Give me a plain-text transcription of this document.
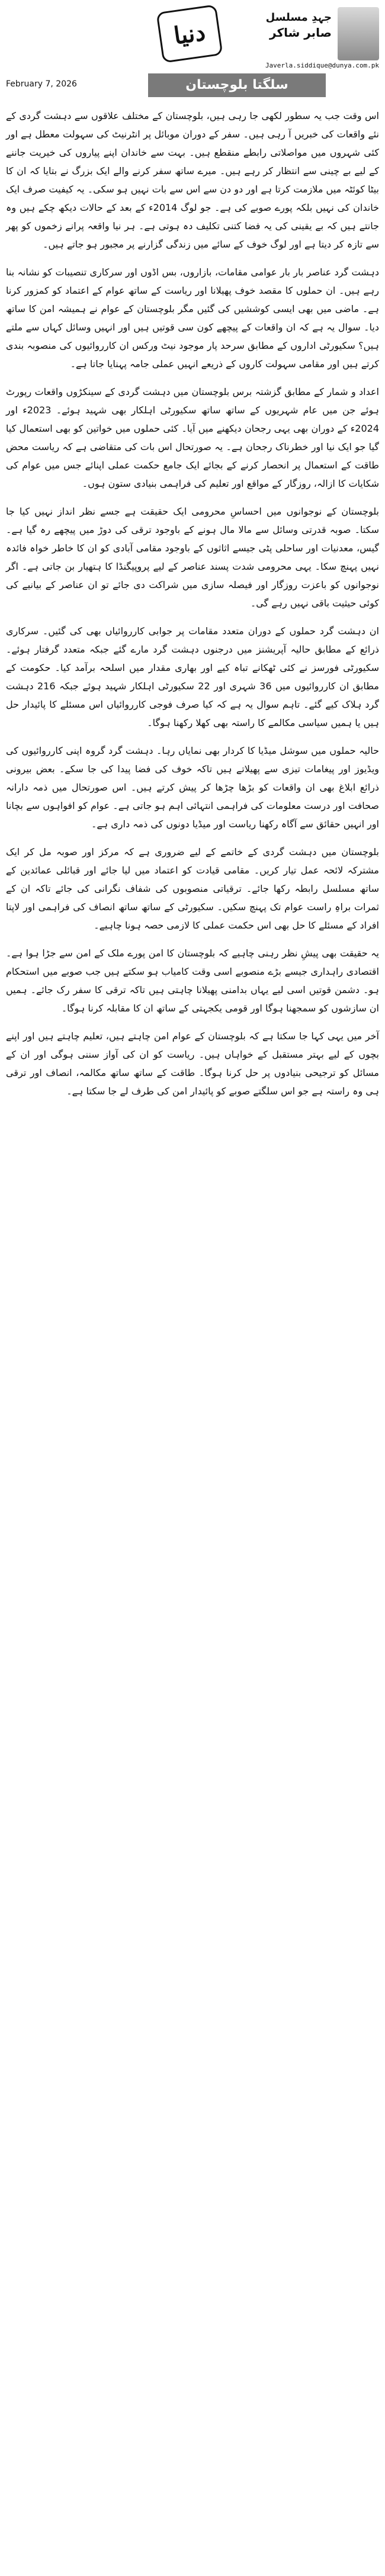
دنیا
جہدِ مسلسل
صابر شاکر
Javerla.siddique@dunya.com.pk
سلگتا بلوچستان
February 7, 2026

اس وقت جب یہ سطور لکھی جا رہی ہیں، بلوچستان کے مختلف علاقوں سے دہشت گردی کے نئے واقعات کی خبریں آ رہی ہیں۔ سفر کے دوران موبائل پر انٹرنیٹ کی سہولت معطل ہے اور کئی شہروں میں مواصلاتی رابطے منقطع ہیں۔ بہت سے خاندان اپنے پیاروں کی خیریت جاننے کے لیے بے چینی سے انتظار کر رہے ہیں۔ میرے ساتھ سفر کرنے والے ایک بزرگ نے بتایا کہ ان کا بیٹا کوئٹہ میں ملازمت کرتا ہے اور دو دن سے اس سے بات نہیں ہو سکی۔ یہ کیفیت صرف ایک خاندان کی نہیں بلکہ پورے صوبے کی ہے۔ جو لوگ 2014ء کے بعد کے حالات دیکھ چکے ہیں وہ جانتے ہیں کہ بے یقینی کی یہ فضا کتنی تکلیف دہ ہوتی ہے۔ ہر نیا واقعہ پرانے زخموں کو پھر سے تازہ کر دیتا ہے اور لوگ خوف کے سائے میں زندگی گزارنے پر مجبور ہو جاتے ہیں۔

دہشت گرد عناصر بار بار عوامی مقامات، بازاروں، بس اڈوں اور سرکاری تنصیبات کو نشانہ بنا رہے ہیں۔ ان حملوں کا مقصد خوف پھیلانا اور ریاست کے ساتھ عوام کے اعتماد کو کمزور کرنا ہے۔ ماضی میں بھی ایسی کوششیں کی گئیں مگر بلوچستان کے عوام نے ہمیشہ امن کا ساتھ دیا۔ سوال یہ ہے کہ ان واقعات کے پیچھے کون سی قوتیں ہیں اور انہیں وسائل کہاں سے ملتے ہیں؟ سکیورٹی اداروں کے مطابق سرحد پار موجود نیٹ ورکس ان کارروائیوں کی منصوبہ بندی کرتے ہیں اور مقامی سہولت کاروں کے ذریعے انہیں عملی جامہ پہنایا جاتا ہے۔

اعداد و شمار کے مطابق گزشتہ برس بلوچستان میں دہشت گردی کے سینکڑوں واقعات رپورٹ ہوئے جن میں عام شہریوں کے ساتھ ساتھ سکیورٹی اہلکار بھی شہید ہوئے۔ 2023ء اور 2024ء کے دوران بھی یہی رجحان دیکھنے میں آیا۔ کئی حملوں میں خواتین کو بھی استعمال کیا گیا جو ایک نیا اور خطرناک رجحان ہے۔ یہ صورتحال اس بات کی متقاضی ہے کہ ریاست محض طاقت کے استعمال پر انحصار کرنے کے بجائے ایک جامع حکمت عملی اپنائے جس میں عوام کی شکایات کا ازالہ، روزگار کے مواقع اور تعلیم کی فراہمی بنیادی ستون ہوں۔

بلوچستان کے نوجوانوں میں احساسِ محرومی ایک حقیقت ہے جسے نظر انداز نہیں کیا جا سکتا۔ صوبہ قدرتی وسائل سے مالا مال ہونے کے باوجود ترقی کی دوڑ میں پیچھے رہ گیا ہے۔ گیس، معدنیات اور ساحلی پٹی جیسے اثاثوں کے باوجود مقامی آبادی کو ان کا خاطر خواہ فائدہ نہیں پہنچ سکا۔ یہی محرومی شدت پسند عناصر کے لیے پروپیگنڈا کا ہتھیار بن جاتی ہے۔ اگر نوجوانوں کو باعزت روزگار اور فیصلہ سازی میں شراکت دی جائے تو ان عناصر کے بیانیے کی کوئی حیثیت باقی نہیں رہے گی۔

ان دہشت گرد حملوں کے دوران متعدد مقامات پر جوابی کارروائیاں بھی کی گئیں۔ سرکاری ذرائع کے مطابق حالیہ آپریشنز میں درجنوں دہشت گرد مارے گئے جبکہ متعدد گرفتار ہوئے۔ سکیورٹی فورسز نے کئی ٹھکانے تباہ کیے اور بھاری مقدار میں اسلحہ برآمد کیا۔ حکومت کے مطابق ان کارروائیوں میں 36 شہری اور 22 سکیورٹی اہلکار شہید ہوئے جبکہ 216 دہشت گرد ہلاک کیے گئے۔ تاہم سوال یہ ہے کہ کیا صرف فوجی کارروائیاں اس مسئلے کا پائیدار حل ہیں یا ہمیں سیاسی مکالمے کا راستہ بھی کھلا رکھنا ہوگا۔

حالیہ حملوں میں سوشل میڈیا کا کردار بھی نمایاں رہا۔ دہشت گرد گروہ اپنی کارروائیوں کی ویڈیوز اور پیغامات تیزی سے پھیلاتے ہیں تاکہ خوف کی فضا پیدا کی جا سکے۔ بعض بیرونی ذرائع ابلاغ بھی ان واقعات کو بڑھا چڑھا کر پیش کرتے ہیں۔ اس صورتحال میں ذمہ دارانہ صحافت اور درست معلومات کی فراہمی انتہائی اہم ہو جاتی ہے۔ عوام کو افواہوں سے بچانا اور انہیں حقائق سے آگاہ رکھنا ریاست اور میڈیا دونوں کی ذمہ داری ہے۔

بلوچستان میں دہشت گردی کے خاتمے کے لیے ضروری ہے کہ مرکز اور صوبہ مل کر ایک مشترکہ لائحہ عمل تیار کریں۔ مقامی قیادت کو اعتماد میں لیا جائے اور قبائلی عمائدین کے ساتھ مسلسل رابطہ رکھا جائے۔ ترقیاتی منصوبوں کی شفاف نگرانی کی جائے تاکہ ان کے ثمرات براہِ راست عوام تک پہنچ سکیں۔ سکیورٹی کے ساتھ ساتھ انصاف کی فراہمی اور لاپتا افراد کے مسئلے کا حل بھی اس حکمت عملی کا لازمی حصہ ہونا چاہیے۔

یہ حقیقت بھی پیشِ نظر رہنی چاہیے کہ بلوچستان کا امن پورے ملک کے امن سے جڑا ہوا ہے۔ اقتصادی راہداری جیسے بڑے منصوبے اسی وقت کامیاب ہو سکتے ہیں جب صوبے میں استحکام ہو۔ دشمن قوتیں اسی لیے یہاں بدامنی پھیلانا چاہتی ہیں تاکہ ترقی کا سفر رک جائے۔ ہمیں ان سازشوں کو سمجھنا ہوگا اور قومی یکجہتی کے ساتھ ان کا مقابلہ کرنا ہوگا۔

آخر میں یہی کہا جا سکتا ہے کہ بلوچستان کے عوام امن چاہتے ہیں، تعلیم چاہتے ہیں اور اپنے بچوں کے لیے بہتر مستقبل کے خواہاں ہیں۔ ریاست کو ان کی آواز سننی ہوگی اور ان کے مسائل کو ترجیحی بنیادوں پر حل کرنا ہوگا۔ طاقت کے ساتھ ساتھ مکالمہ، انصاف اور ترقی ہی وہ راستہ ہے جو اس سلگتے صوبے کو پائیدار امن کی طرف لے جا سکتا ہے۔
